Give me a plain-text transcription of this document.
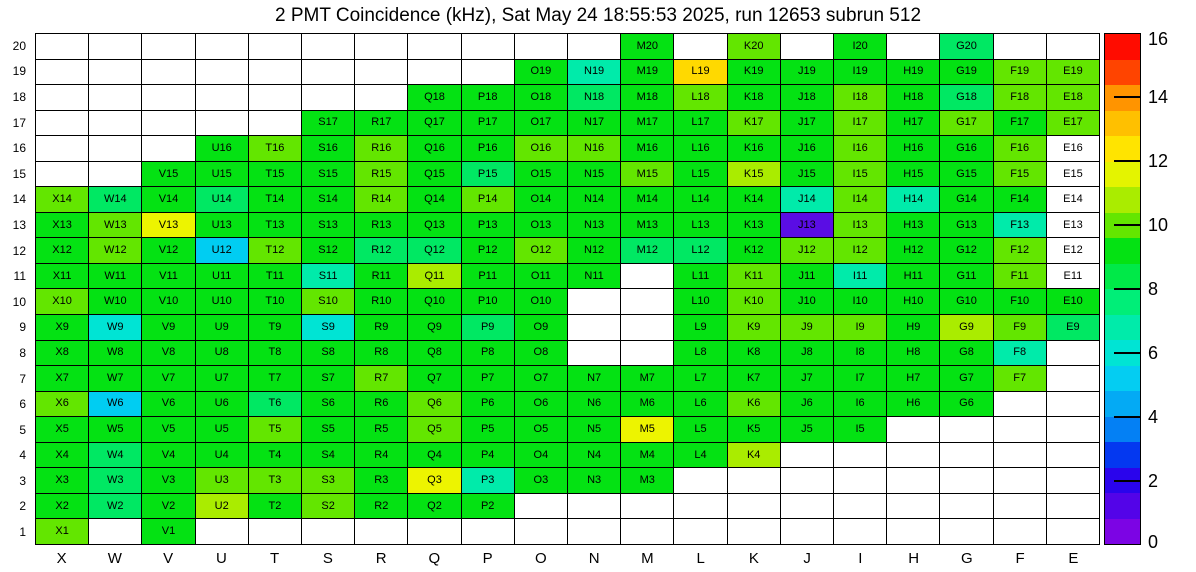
2 PMT Coincidence (kHz), Sat May 24 18:55:53 2025, run 12653 subrun 512
20
19
18
17
16
15
14
13
12
11
10
9
8
7
6
5
4
3
2
1
M20	K20	I20	G20
O19	N19	M19	L19	K19	J19	I19	H19	G19	F19	E19
Q18	P18	O18	N18	M18	L18	K18	J18	I18	H18	G18	F18	E18
S17	R17	Q17	P17	O17	N17	M17	L17	K17	J17	I17	H17	G17	F17	E17
U16	T16	S16	R16	Q16	P16	O16	N16	M16	L16	K16	J16	I16	H16	G16	F16	E16
V15	U15	T15	S15	R15	Q15	P15	O15	N15	M15	L15	K15	J15	I15	H15	G15	F15	E15
X14	W14	V14	U14	T14	S14	R14	Q14	P14	O14	N14	M14	L14	K14	J14	I14	H14	G14	F14	E14
X13	W13	V13	U13	T13	S13	R13	Q13	P13	O13	N13	M13	L13	K13	J13	I13	H13	G13	F13	E13
X12	W12	V12	U12	T12	S12	R12	Q12	P12	O12	N12	M12	L12	K12	J12	I12	H12	G12	F12	E12
X11	W11	V11	U11	T11	S11	R11	Q11	P11	O11	N11	L11	K11	J11	I11	H11	G11	F11	E11
X10	W10	V10	U10	T10	S10	R10	Q10	P10	O10	L10	K10	J10	I10	H10	G10	F10	E10
X9	W9	V9	U9	T9	S9	R9	Q9	P9	O9	L9	K9	J9	I9	H9	G9	F9	E9
X8	W8	V8	U8	T8	S8	R8	Q8	P8	O8	L8	K8	J8	I8	H8	G8	F8
X7	W7	V7	U7	T7	S7	R7	Q7	P7	O7	N7	M7	L7	K7	J7	I7	H7	G7	F7
X6	W6	V6	U6	T6	S6	R6	Q6	P6	O6	N6	M6	L6	K6	J6	I6	H6	G6
X5	W5	V5	U5	T5	S5	R5	Q5	P5	O5	N5	M5	L5	K5	J5	I5
X4	W4	V4	U4	T4	S4	R4	Q4	P4	O4	N4	M4	L4	K4
X3	W3	V3	U3	T3	S3	R3	Q3	P3	O3	N3	M3
X2	W2	V2	U2	T2	S2	R2	Q2	P2
X1	V1
X	W	V	U	T	S	R	Q	P	O	N	M	L	K	J	I	H	G	F	E
0
2
4
6
8
10
12
14
16
